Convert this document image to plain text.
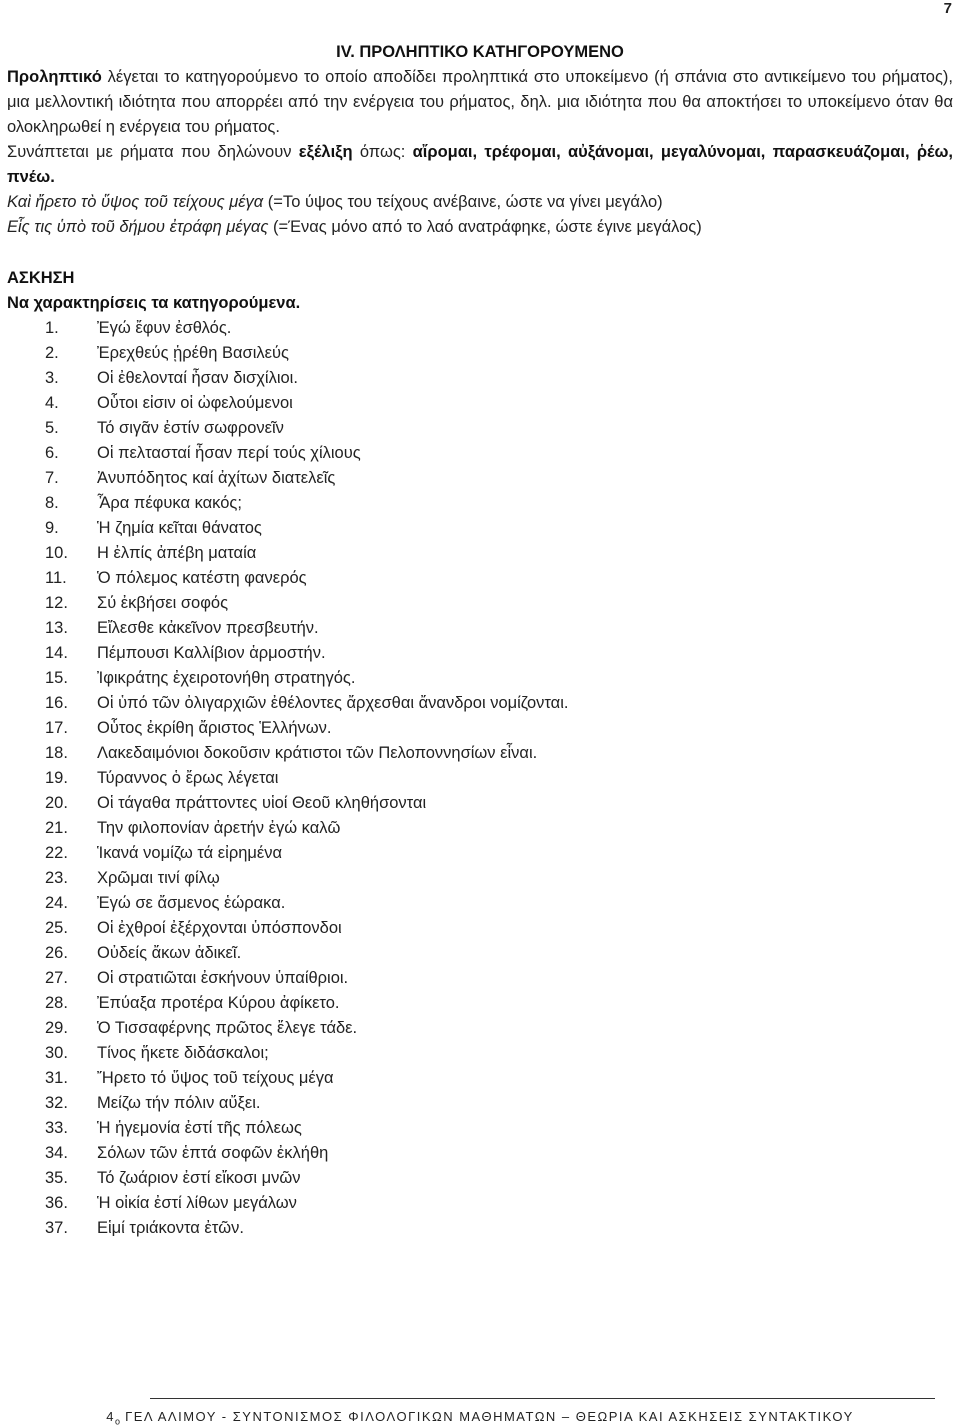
7

IV. ΠΡΟΛΗΠΤΙΚΟ ΚΑΤΗΓΟΡΟΥΜΕΝΟ

Προληπτικό λέγεται το κατηγορούμενο το οποίο αποδίδει προληπτικά στο υποκείμενο (ή σπάνια στο αντικείμενο του ρήματος), μια μελλοντική ιδιότητα που απορρέει από την ενέργεια του ρήματος, δηλ. μια ιδιότητα που θα αποκτήσει το υποκείμενο όταν θα ολοκληρωθεί η ενέργεια του ρήματος.

Συνάπτεται με ρήματα που δηλώνουν εξέλιξη όπως: αἴρομαι, τρέφομαι, αὐξάνομαι, μεγαλύνομαι, παρασκευάζομαι, ῥέω, πνέω.

Καὶ ἤρετο τὸ ὕψος τοῦ τείχους μέγα (=Το ύψος του τείχους ανέβαινε, ώστε να γίνει μεγάλο)

Εἷς τις ὑπὸ τοῦ δήμου ἐτράφη μέγας (=Ένας μόνο από το λαό ανατράφηκε, ώστε έγινε μεγάλος)

ΑΣΚΗΣΗ
Να χαρακτηρίσεις τα κατηγορούμενα.
1.	Ἐγώ ἔφυν ἐσθλός.
2.	Ἐρεχθεύς ᾑρέθη Βασιλεύς
3.	Οἱ ἐθελονταί ἦσαν δισχίλιοι.
4.	Οὗτοι εἰσιν οἱ ὠφελούμενοι
5.	Τό σιγᾶν ἐστίν σωφρονεῖν
6.	Οἱ πελτασταί ἦσαν περί τούς χίλιους
7.	Ἀνυπόδητος καί ἀχίτων διατελεῖς
8.	Ἆρα πέφυκα κακός;
9.	Ἡ ζημία κεῖται θάνατος
10.	Η ἐλπίς ἀπέβη ματαία
11.	Ὁ πόλεμος κατέστη φανερός
12.	Σύ ἐκβήσει σοφός
13.	Εἴλεσθε κἀκεῖνον πρεσβευτήν.
14.	Πέμπουσι Καλλίβιον ἁρμοστήν.
15.	Ἰφικράτης ἐχειροτονήθη στρατηγός.
16.	Οἱ ὑπό τῶν ὀλιγαρχιῶν ἐθέλοντες ἄρχεσθαι ἄνανδροι νομίζονται.
17.	Οὗτος ἐκρίθη ἄριστος Ἑλλήνων.
18.	Λακεδαιμόνιοι δοκοῦσιν κράτιστοι τῶν Πελοποννησίων εἶναι.
19.	Τύραννος ὁ ἔρως λέγεται
20.	Οἱ τάγαθα πράττοντες υἱοί Θεοῦ κληθήσονται
21.	Την φιλοπονίαν ἀρετήν ἐγώ καλῶ
22.	Ἱκανά νομίζω τά εἰρημένα
23.	Χρῶμαι τινί φίλῳ
24.	Ἐγώ σε ἄσμενος ἑώρακα.
25.	Οἱ ἐχθροί ἐξέρχονται ὑπόσπονδοι
26.	Οὐδείς ἄκων ἀδικεῖ.
27.	Οἱ στρατιῶται ἐσκήνουν ὑπαίθριοι.
28.	Ἐπύαξα προτέρα Κύρου ἀφίκετο.
29.	Ὁ Τισσαφέρνης πρῶτος ἔλεγε τάδε.
30.	Τίνος ἥκετε διδάσκαλοι;
31.	Ἤρετο τό ὕψος τοῦ τείχους μέγα
32.	Μείζω τήν πόλιν αὔξει.
33.	Ἡ ἡγεμονία ἐστί τῆς πόλεως
34.	Σόλων τῶν ἑπτά σοφῶν ἐκλήθη
35.	Τό ζωάριον ἐστί εἴκοσι μνῶν
36.	Ἡ οἰκία ἐστί λίθων μεγάλων
37.	Εἱμί τριάκοντα ἐτῶν.
$4_o$ ΓΕΛ ΑΛΙΜΟΥ - ΣΥΝΤΟΝΙΣΜΟΣ ΦΙΛΟΛΟΓΙΚΩΝ ΜΑΘΗΜΑΤΩΝ – ΘΕΩΡΙΑ ΚΑΙ ΑΣΚΗΣΕΙΣ ΣΥΝΤΑΚΤΙΚΟΥ
